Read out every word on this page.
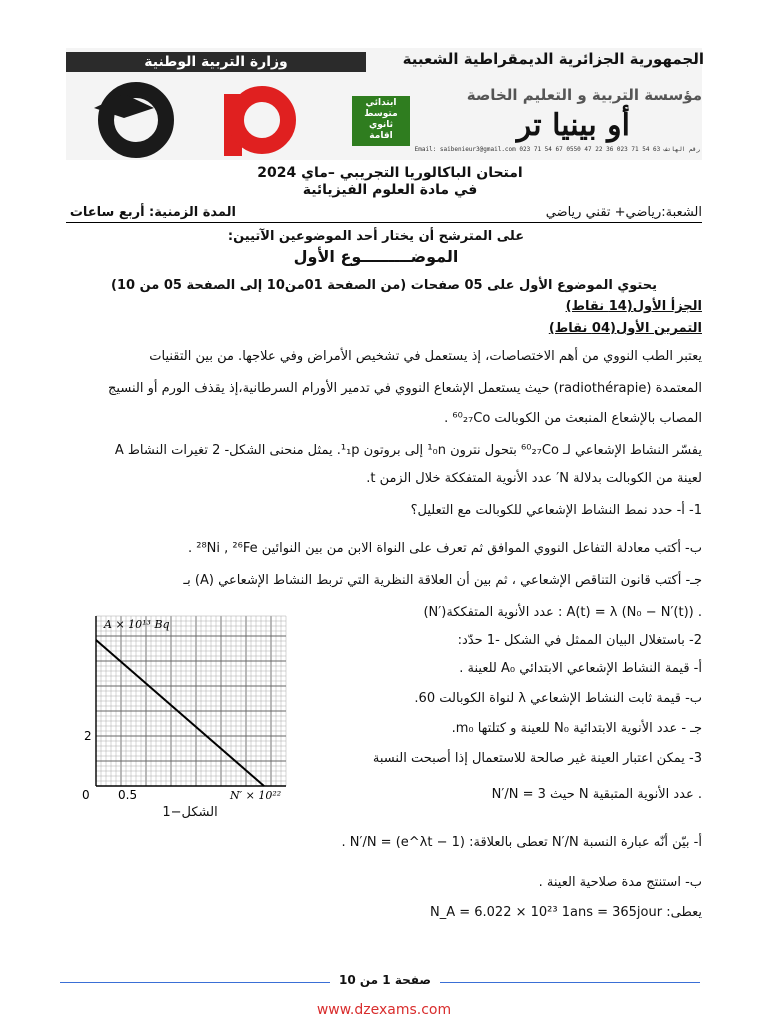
وزارة التربية الوطنية	الجمهورية الجزائرية الديمقراطية الشعبية
مؤسسة التربية و التعليم الخاصة
أو بينيا تر
ابتدائي
متوسط
ثانوي
اقامة
Email: saibenieur3@gmail.com 023 71 54 67 0550 47 22 36 023 71 54 63 رقم الهاتف
امتحان الباكالوريا التجريبي –ماي 2024
في مادة العلوم الفيزيائية
الشعبة:رياضي+ تقني رياضي
المدة الزمنية: أربع ساعات
على المترشح أن يختار أحد الموضوعين الآتيين:
الموضـــــــــوع الأول
يحتوي الموضوع الأول على 05 صفحات (من الصفحة 01من10 إلى الصفحة 05 من 10)
الجزأ الأول(14 نقاط)
التمرين الأول(04 نقاط)
يعتبر الطب النووي من أهم الاختصاصات، إذ يستعمل في تشخيص الأمراض وفي علاجها. من بين التقنيات
المعتمدة (radiothérapie) حيث يستعمل الإشعاع النووي في تدمير الأورام السرطانية،إذ يقذف الورم أو النسيج
المصاب بالإشعاع المنبعث من الكوبالت ⁶⁰₂₇Co .
يفسّر النشاط الإشعاعي لـ ⁶⁰₂₇Co بتحول نترون ¹₀n إلى بروتون ¹₁p. يمثل منحنى الشكل- 2 تغيرات النشاط A
لعينة من الكوبالت بدلالة N′ عدد الأنوية المتفككة خلال الزمن t.
1- أ- حدد نمط النشاط الإشعاعي للكوبالت مع التعليل؟
ب- أكتب معادلة التفاعل النووي الموافق ثم تعرف على النواة الابن من بين النوائين ²⁸Ni , ²⁶Fe .
جـ- أكتب قانون التناقص الإشعاعي ، ثم بين أن العلاقة النظرية التي تربط النشاط الإشعاعي (A) بـ
(N′)عدد الأنوية المتفككة : A(t) = λ (N₀ − N′(t)) .
2- باستغلال البيان الممثل في الشكل -1 حدّد:
أ- قيمة النشاط الإشعاعي الابتدائي A₀ للعينة .
ب- قيمة ثابت النشاط الإشعاعي λ لنواة الكوبالت 60.
جـ - عدد الأنوية الابتدائية N₀ للعينة و كتلتها m₀.
3- يمكن اعتبار العينة غير صالحة للاستعمال إذا أصبحت النسبة
N′/N = 3 حيث N عدد الأنوية المتبقية .
أ- بيّن أنّه عبارة النسبة N′/N تعطى بالعلاقة: N′/N = (e^λt − 1) .
ب- استنتج مدة صلاحية العينة .
يعطى: N_A = 6.022 × 10²³ 1ans = 365jour
A × 10¹³ Bq
N′ × 10²²
2
0 0.5
الشكل−1
صفحة 1 من 10
www.dzexams.com
